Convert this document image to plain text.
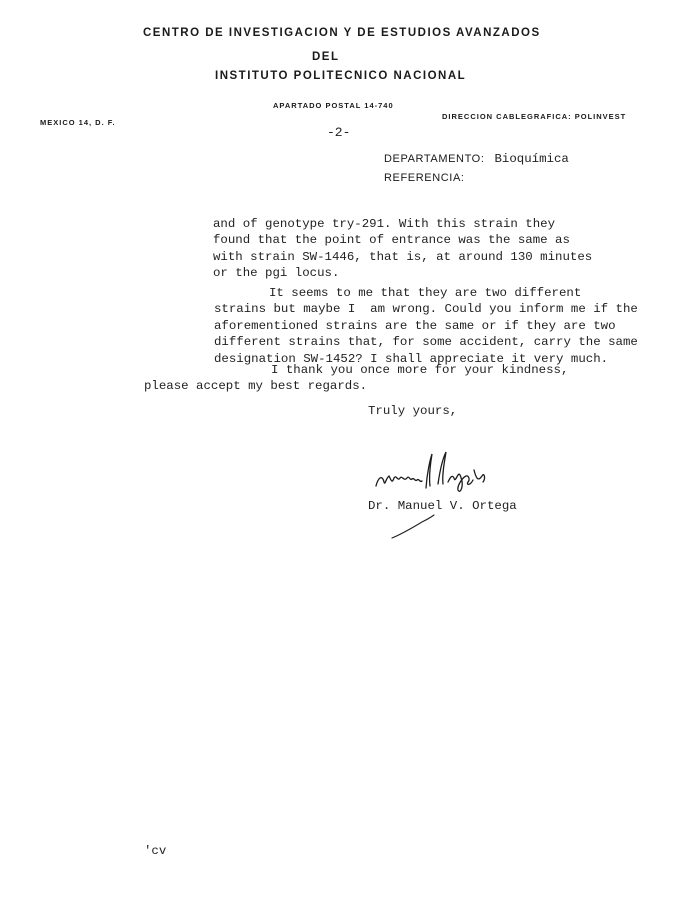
CENTRO DE INVESTIGACION Y DE ESTUDIOS AVANZADOS
DEL
INSTITUTO POLITECNICO NACIONAL
APARTADO POSTAL 14-740
MEXICO 14, D. F.
DIRECCION CABLEGRAFICA: POLINVEST
-2-
DEPARTAMENTO: Bioquímica
REFERENCIA:

and of genotype try-291. With this strain they

found that the point of entrance was the same as

with strain SW-1446, that is, at around 130 minutes

or the pgi locus.

It seems to me that they are two different

strains but maybe I  am wrong. Could you inform me if the

aforementioned strains are the same or if they are two

different strains that, for some accident, carry the same

designation SW-1452? I shall appreciate it very much.

I thank you once more for your kindness,

please accept my best regards.

Truly yours,
Dr. Manuel V. Ortega
'cv
